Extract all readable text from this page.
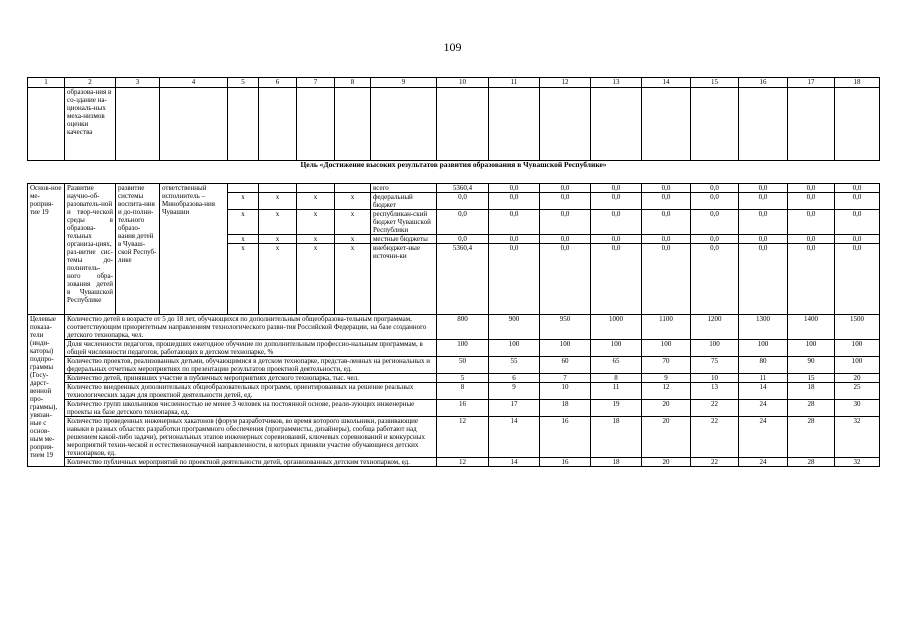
109
1	2	3	4	5	6	7	8	9	10	11	12	13	14	15	16	17	18
	образова-ния в со-здание на-циональ-ных меха-низмов оценки качества																
Цель «Достижение высоких результатов развития образования в Чувашской Республике»																	
Основ-ное ме-роприя-тие 19	Развитие научно-об-разователь-ной и твор-ческой среды в образова-тельных организа-циях, раз-витие сис-темы до-полнитель-ного обра-зования детей в Чувашской Республике	развитие системы воспита-ния и до-полни-тельного образо-вания детей в Чуваш-ской Респуб-лике	ответственный исполнитель – Минобразова-ния Чувашии					всего	5360,4	0,0	0,0	0,0	0,0	0,0	0,0	0,0	0,0
				x	x	x	x	федеральный бюджет	0,0	0,0	0,0	0,0	0,0	0,0	0,0	0,0	0,0
				x	x	x	x	республикан-ский бюджет Чувашской Республики	0,0	0,0	0,0	0,0	0,0	0,0	0,0	0,0	0,0
				x	x	x	x	местные бюджеты	0,0	0,0	0,0	0,0	0,0	0,0	0,0	0,0	0,0
				x	x	x	x	внебюджет-ные источни-ки	5360,4	0,0	0,0	0,0	0,0	0,0	0,0	0,0	0,0
Целевые показа-тели (инди-каторы) подпро-граммы (Госу-дарст-венной про-граммы), увязан-ные с основ-ным ме-роприя-тием 19	Количество детей в возрасте от 5 до 18 лет, обучающихся по дополнительным общеобразова-тельным программам, соответствующим приоритетным направлениям технологического разви-тия Российской Федерации, на базе созданного детского технопарка, чел.								800	900	950	1000	1100	1200	1300	1400	1500
	Доля численности педагогов, прошедших ежегодное обучение по дополнительным профессио-нальным программам, в общей численности педагогов, работающих в детском технопарке, %								100	100	100	100	100	100	100	100	100
	Количество проектов, реализованных детьми, обучающимися в детском технопарке, представ-ленных на региональных и федеральных отчетных мероприятиях по презентации результатов проектной деятельности, ед.								50	55	60	65	70	75	80	90	100
	Количество детей, принявших участие в публичных мероприятиях детского технопарка, тыс. чел.								5	6	7	8	9	10	11	15	20
	Количество внедренных дополнительных общеобразовательных программ, ориентированных на решение реальных технологических задач для проектной деятельности детей, ед.								8	9	10	11	12	13	14	18	25
	Количество групп школьников численностью не менее 3 человек на постоянной основе, реали-зующих инженерные проекты на базе детского технопарка, ед.								16	17	18	19	20	22	24	28	30
	Количество проведенных инженерных хакатонов (форум разработчиков, во время которого школьники, развивающие навыки в разных областях разработки программного обеспечения (программисты, дизайнеры), сообща работают над решением какой-либо задачи), региональных этапов инженерных соревнований, ключевых соревнований и конкурсных мероприятий техни-ческой и естественнонаучной направленности, в которых приняли участие обучающиеся детских технопарков, ед.								12	14	16	18	20	22	24	28	32
	Количество публичных мероприятий по проектной деятельности детей, организованных детским технопарком, ед.								12	14	16	18	20	22	24	28	32
